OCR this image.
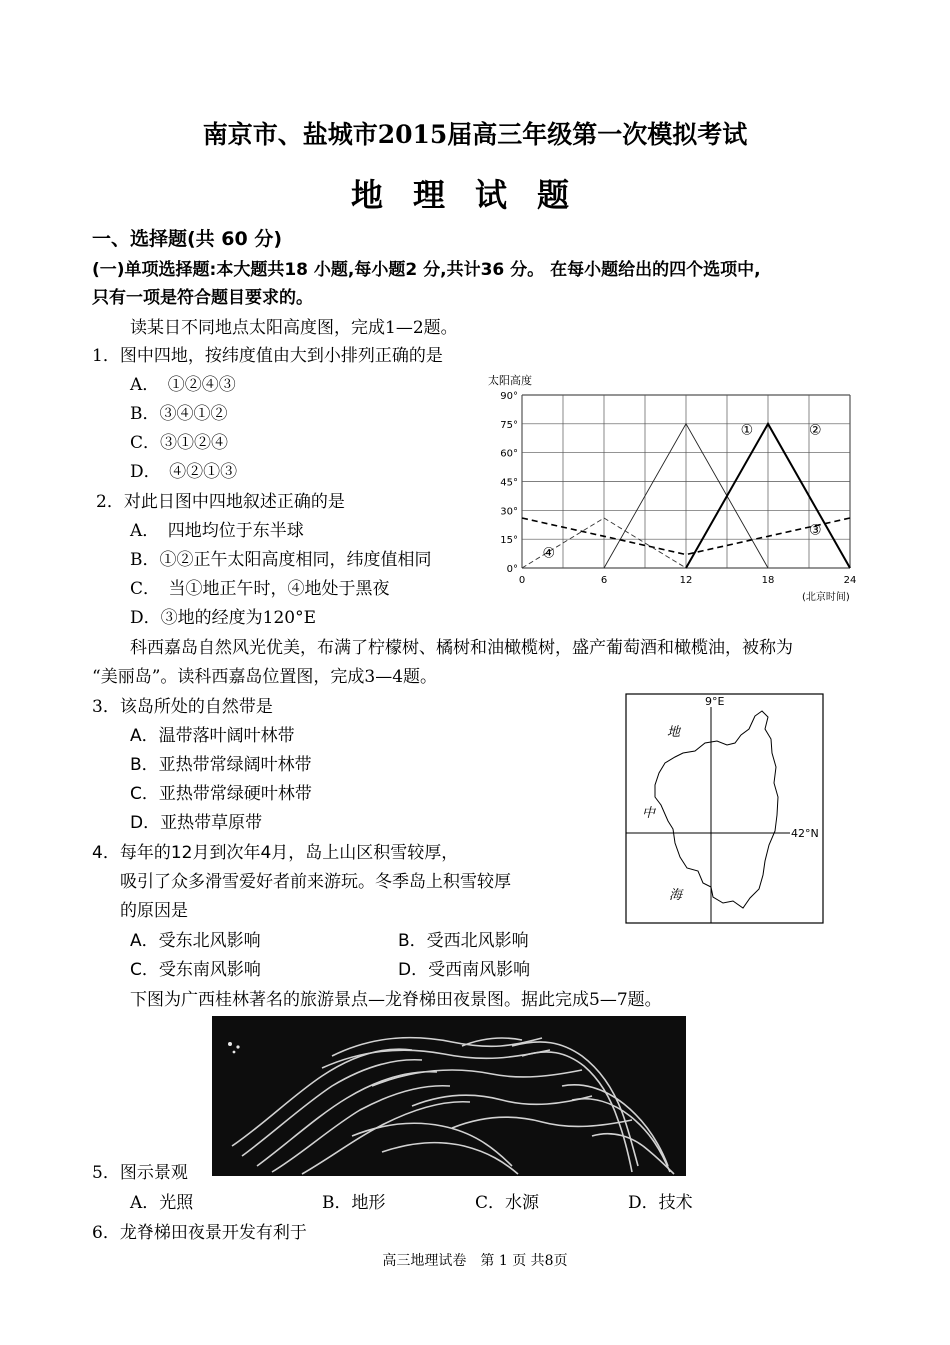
南京市、盐城市2015届高三年级第一次模拟考试
地理试题
一、选择题(共 60 分)
(一)单项选择题:本大题共18 小题,每小题2 分,共计36 分。 在每小题给出的四个选项中,
只有一项是符合题目要求的。
读某日不同地点太阳高度图，完成1—2题。
1．图中四地，按纬度值由大到小排列正确的是
A．　①②④③
B．③④①②
C．③①②④
D．　④②①③
2．对此日图中四地叙述正确的是
A．　四地均位于东半球
B．①②正午太阳高度相同，纬度值相同
C．　当①地正午时，④地处于黑夜
D．③地的经度为120°E
太阳高度
0°
15°
30°
45°
60°
75°
90°
0	6	12	18	24
①	②
③
④
(北京时间)
科西嘉岛自然风光优美，布满了柠檬树、橘树和油橄榄树，盛产葡萄酒和橄榄油，被称为
“美丽岛”。读科西嘉岛位置图，完成3—4题。
3．该岛所处的自然带是
A．温带落叶阔叶林带
B．亚热带常绿阔叶林带
C．亚热带常绿硬叶林带
D．亚热带草原带
9°E
42°N
地
中
海
4．每年的12月到次年4月，岛上山区积雪较厚，
吸引了众多滑雪爱好者前来游玩。冬季岛上积雪较厚
的原因是
A．受东北风影响	B．受西北风影响
C．受东南风影响	D．受西南风影响
下图为广西桂林著名的旅游景点—龙脊梯田夜景图。据此完成5—7题。
5．图示景观
A．光照	B．地形	C．水源	D．技术
6．龙脊梯田夜景开发有利于
高三地理试卷　第 1 页 共8页
